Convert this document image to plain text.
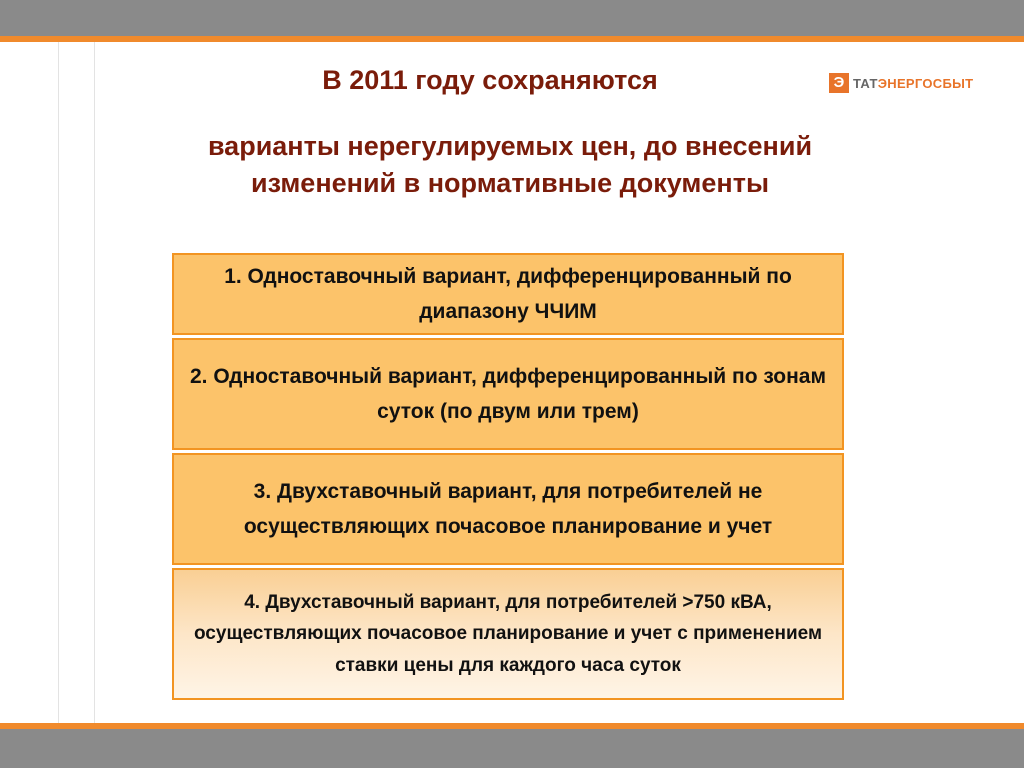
В 2011 году сохраняются
варианты нерегулируемых цен, до внесений изменений в нормативные документы
Э ТАТЭНЕРГОСБЫТ
1. Одноставочный вариант, дифференцированный по диапазону ЧЧИМ
2. Одноставочный вариант, дифференцированный по зонам суток (по двум или трем)
3. Двухставочный вариант, для потребителей не осуществляющих почасовое планирование и учет
4. Двухставочный вариант, для потребителей >750 кВА, осуществляющих почасовое планирование и учет с применением ставки цены для каждого часа суток
